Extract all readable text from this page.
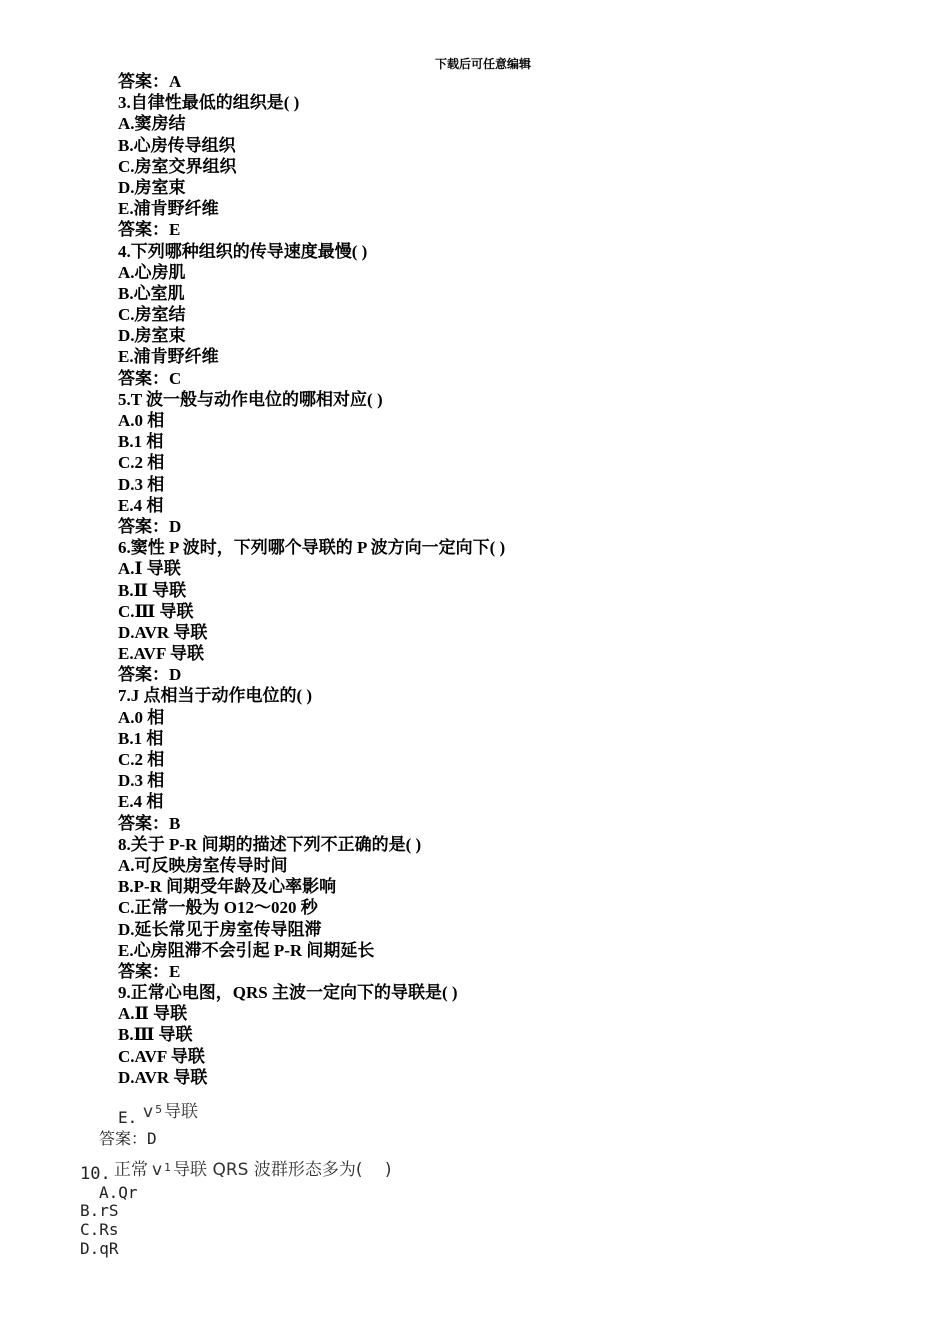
下载后可任意编辑
答案：A
3.自律性最低的组织是( )
A.窦房结
B.心房传导组织
C.房室交界组织
D.房室束
E.浦肯野纤维
答案：E
4.下列哪种组织的传导速度最慢( )
A.心房肌
B.心室肌
C.房室结
D.房室束
E.浦肯野纤维
答案：C
5.T 波一般与动作电位的哪相对应( )
A.0 相
B.1 相
C.2 相
D.3 相
E.4 相
答案：D
6.窦性 P 波时，下列哪个导联的 P 波方向一定向下( )
A.Ⅰ 导联
B.Ⅱ 导联
C.Ⅲ 导联
D.AVR 导联
E.AVF 导联
答案：D
7.J 点相当于动作电位的( )
A.0 相
B.1 相
C.2 相
D.3 相
E.4 相
答案：B
8.关于 P-R 间期的描述下列不正确的是( )
A.可反映房室传导时间
B.P-R 间期受年龄及心率影响
C.正常一般为 O12～020 秒
D.延长常见于房室传导阻滞
E.心房阻滞不会引起 P-R 间期延长
答案：E
9.正常心电图，QRS 主波一定向下的导联是( )
A.Ⅱ 导联
B.Ⅲ 导联
C.AVF 导联
D.AVR 导联
E. v $^5$ 导联
答案：D
10. 正常 v $^1$ 导联 QRS 波群形态多为(　 )
A.Qr
B.rS
C.Rs
D.qR
